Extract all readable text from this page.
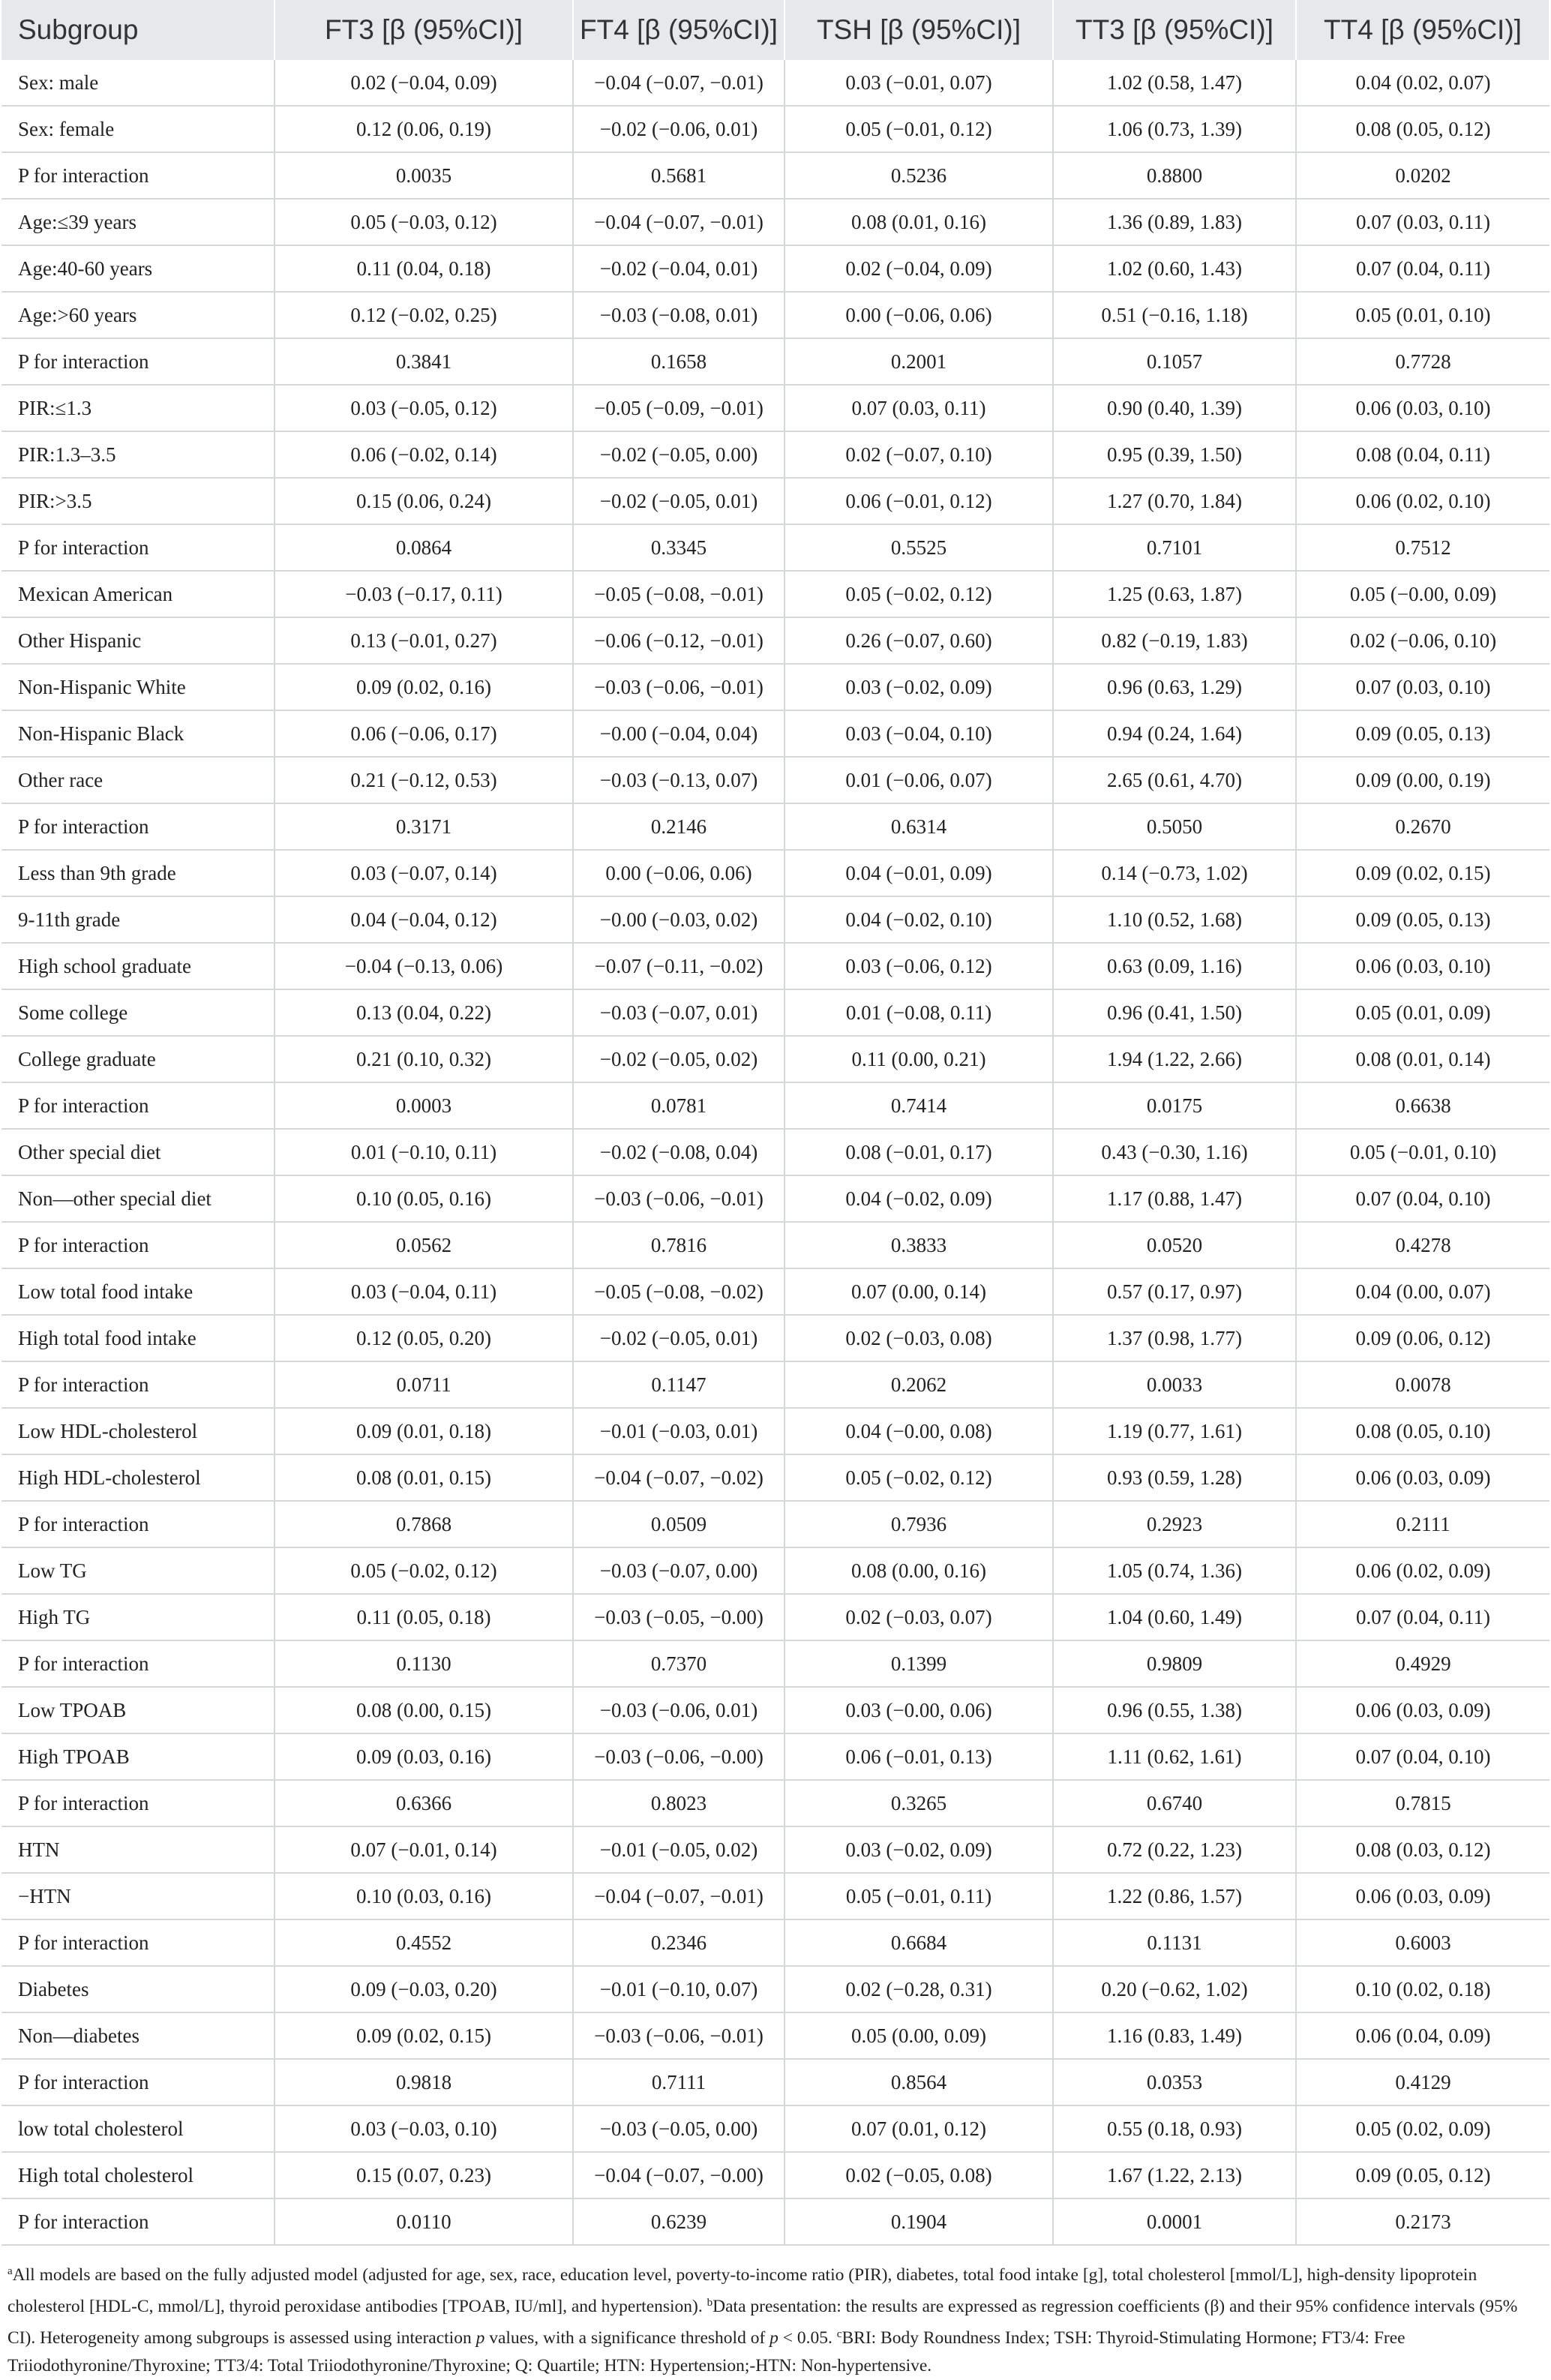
Subgroup	FT3 [β (95%CI)]	FT4 [β (95%CI)]	TSH [β (95%CI)]	TT3 [β (95%CI)]	TT4 [β (95%CI)]
Sex: male	0.02 (−0.04, 0.09)	−0.04 (−0.07, −0.01)	0.03 (−0.01, 0.07)	1.02 (0.58, 1.47)	0.04 (0.02, 0.07)
Sex: female	0.12 (0.06, 0.19)	−0.02 (−0.06, 0.01)	0.05 (−0.01, 0.12)	1.06 (0.73, 1.39)	0.08 (0.05, 0.12)
P for interaction	0.0035	0.5681	0.5236	0.8800	0.0202
Age:≤39 years	0.05 (−0.03, 0.12)	−0.04 (−0.07, −0.01)	0.08 (0.01, 0.16)	1.36 (0.89, 1.83)	0.07 (0.03, 0.11)
Age:40-60 years	0.11 (0.04, 0.18)	−0.02 (−0.04, 0.01)	0.02 (−0.04, 0.09)	1.02 (0.60, 1.43)	0.07 (0.04, 0.11)
Age:>60 years	0.12 (−0.02, 0.25)	−0.03 (−0.08, 0.01)	0.00 (−0.06, 0.06)	0.51 (−0.16, 1.18)	0.05 (0.01, 0.10)
P for interaction	0.3841	0.1658	0.2001	0.1057	0.7728
PIR:≤1.3	0.03 (−0.05, 0.12)	−0.05 (−0.09, −0.01)	0.07 (0.03, 0.11)	0.90 (0.40, 1.39)	0.06 (0.03, 0.10)
PIR:1.3–3.5	0.06 (−0.02, 0.14)	−0.02 (−0.05, 0.00)	0.02 (−0.07, 0.10)	0.95 (0.39, 1.50)	0.08 (0.04, 0.11)
PIR:>3.5	0.15 (0.06, 0.24)	−0.02 (−0.05, 0.01)	0.06 (−0.01, 0.12)	1.27 (0.70, 1.84)	0.06 (0.02, 0.10)
P for interaction	0.0864	0.3345	0.5525	0.7101	0.7512
Mexican American	−0.03 (−0.17, 0.11)	−0.05 (−0.08, −0.01)	0.05 (−0.02, 0.12)	1.25 (0.63, 1.87)	0.05 (−0.00, 0.09)
Other Hispanic	0.13 (−0.01, 0.27)	−0.06 (−0.12, −0.01)	0.26 (−0.07, 0.60)	0.82 (−0.19, 1.83)	0.02 (−0.06, 0.10)
Non-Hispanic White	0.09 (0.02, 0.16)	−0.03 (−0.06, −0.01)	0.03 (−0.02, 0.09)	0.96 (0.63, 1.29)	0.07 (0.03, 0.10)
Non-Hispanic Black	0.06 (−0.06, 0.17)	−0.00 (−0.04, 0.04)	0.03 (−0.04, 0.10)	0.94 (0.24, 1.64)	0.09 (0.05, 0.13)
Other race	0.21 (−0.12, 0.53)	−0.03 (−0.13, 0.07)	0.01 (−0.06, 0.07)	2.65 (0.61, 4.70)	0.09 (0.00, 0.19)
P for interaction	0.3171	0.2146	0.6314	0.5050	0.2670
Less than 9th grade	0.03 (−0.07, 0.14)	0.00 (−0.06, 0.06)	0.04 (−0.01, 0.09)	0.14 (−0.73, 1.02)	0.09 (0.02, 0.15)
9-11th grade	0.04 (−0.04, 0.12)	−0.00 (−0.03, 0.02)	0.04 (−0.02, 0.10)	1.10 (0.52, 1.68)	0.09 (0.05, 0.13)
High school graduate	−0.04 (−0.13, 0.06)	−0.07 (−0.11, −0.02)	0.03 (−0.06, 0.12)	0.63 (0.09, 1.16)	0.06 (0.03, 0.10)
Some college	0.13 (0.04, 0.22)	−0.03 (−0.07, 0.01)	0.01 (−0.08, 0.11)	0.96 (0.41, 1.50)	0.05 (0.01, 0.09)
College graduate	0.21 (0.10, 0.32)	−0.02 (−0.05, 0.02)	0.11 (0.00, 0.21)	1.94 (1.22, 2.66)	0.08 (0.01, 0.14)
P for interaction	0.0003	0.0781	0.7414	0.0175	0.6638
Other special diet	0.01 (−0.10, 0.11)	−0.02 (−0.08, 0.04)	0.08 (−0.01, 0.17)	0.43 (−0.30, 1.16)	0.05 (−0.01, 0.10)
Non—other special diet	0.10 (0.05, 0.16)	−0.03 (−0.06, −0.01)	0.04 (−0.02, 0.09)	1.17 (0.88, 1.47)	0.07 (0.04, 0.10)
P for interaction	0.0562	0.7816	0.3833	0.0520	0.4278
Low total food intake	0.03 (−0.04, 0.11)	−0.05 (−0.08, −0.02)	0.07 (0.00, 0.14)	0.57 (0.17, 0.97)	0.04 (0.00, 0.07)
High total food intake	0.12 (0.05, 0.20)	−0.02 (−0.05, 0.01)	0.02 (−0.03, 0.08)	1.37 (0.98, 1.77)	0.09 (0.06, 0.12)
P for interaction	0.0711	0.1147	0.2062	0.0033	0.0078
Low HDL-cholesterol	0.09 (0.01, 0.18)	−0.01 (−0.03, 0.01)	0.04 (−0.00, 0.08)	1.19 (0.77, 1.61)	0.08 (0.05, 0.10)
High HDL-cholesterol	0.08 (0.01, 0.15)	−0.04 (−0.07, −0.02)	0.05 (−0.02, 0.12)	0.93 (0.59, 1.28)	0.06 (0.03, 0.09)
P for interaction	0.7868	0.0509	0.7936	0.2923	0.2111
Low TG	0.05 (−0.02, 0.12)	−0.03 (−0.07, 0.00)	0.08 (0.00, 0.16)	1.05 (0.74, 1.36)	0.06 (0.02, 0.09)
High TG	0.11 (0.05, 0.18)	−0.03 (−0.05, −0.00)	0.02 (−0.03, 0.07)	1.04 (0.60, 1.49)	0.07 (0.04, 0.11)
P for interaction	0.1130	0.7370	0.1399	0.9809	0.4929
Low TPOAB	0.08 (0.00, 0.15)	−0.03 (−0.06, 0.01)	0.03 (−0.00, 0.06)	0.96 (0.55, 1.38)	0.06 (0.03, 0.09)
High TPOAB	0.09 (0.03, 0.16)	−0.03 (−0.06, −0.00)	0.06 (−0.01, 0.13)	1.11 (0.62, 1.61)	0.07 (0.04, 0.10)
P for interaction	0.6366	0.8023	0.3265	0.6740	0.7815
HTN	0.07 (−0.01, 0.14)	−0.01 (−0.05, 0.02)	0.03 (−0.02, 0.09)	0.72 (0.22, 1.23)	0.08 (0.03, 0.12)
−HTN	0.10 (0.03, 0.16)	−0.04 (−0.07, −0.01)	0.05 (−0.01, 0.11)	1.22 (0.86, 1.57)	0.06 (0.03, 0.09)
P for interaction	0.4552	0.2346	0.6684	0.1131	0.6003
Diabetes	0.09 (−0.03, 0.20)	−0.01 (−0.10, 0.07)	0.02 (−0.28, 0.31)	0.20 (−0.62, 1.02)	0.10 (0.02, 0.18)
Non—diabetes	0.09 (0.02, 0.15)	−0.03 (−0.06, −0.01)	0.05 (0.00, 0.09)	1.16 (0.83, 1.49)	0.06 (0.04, 0.09)
P for interaction	0.9818	0.7111	0.8564	0.0353	0.4129
low total cholesterol	0.03 (−0.03, 0.10)	−0.03 (−0.05, 0.00)	0.07 (0.01, 0.12)	0.55 (0.18, 0.93)	0.05 (0.02, 0.09)
High total cholesterol	0.15 (0.07, 0.23)	−0.04 (−0.07, −0.00)	0.02 (−0.05, 0.08)	1.67 (1.22, 2.13)	0.09 (0.05, 0.12)
P for interaction	0.0110	0.6239	0.1904	0.0001	0.2173

$^a$All models are based on the fully adjusted model (adjusted for age, sex, race, education level, poverty-to-income ratio (PIR), diabetes, total food intake [g], total cholesterol [mmol/L], high-density lipoprotein cholesterol [HDL-C, mmol/L], thyroid peroxidase antibodies [TPOAB, IU/ml], and hypertension). $^b$Data presentation: the results are expressed as regression coefficients (β) and their 95% confidence intervals (95% CI). Heterogeneity among subgroups is assessed using interaction p values, with a significance threshold of p < 0.05. $^c$BRI: Body Roundness Index; TSH: Thyroid-Stimulating Hormone; FT3/4: Free Triiodothyronine/Thyroxine; TT3/4: Total Triiodothyronine/Thyroxine; Q: Quartile; HTN: Hypertension;-HTN: Non-hypertensive.
